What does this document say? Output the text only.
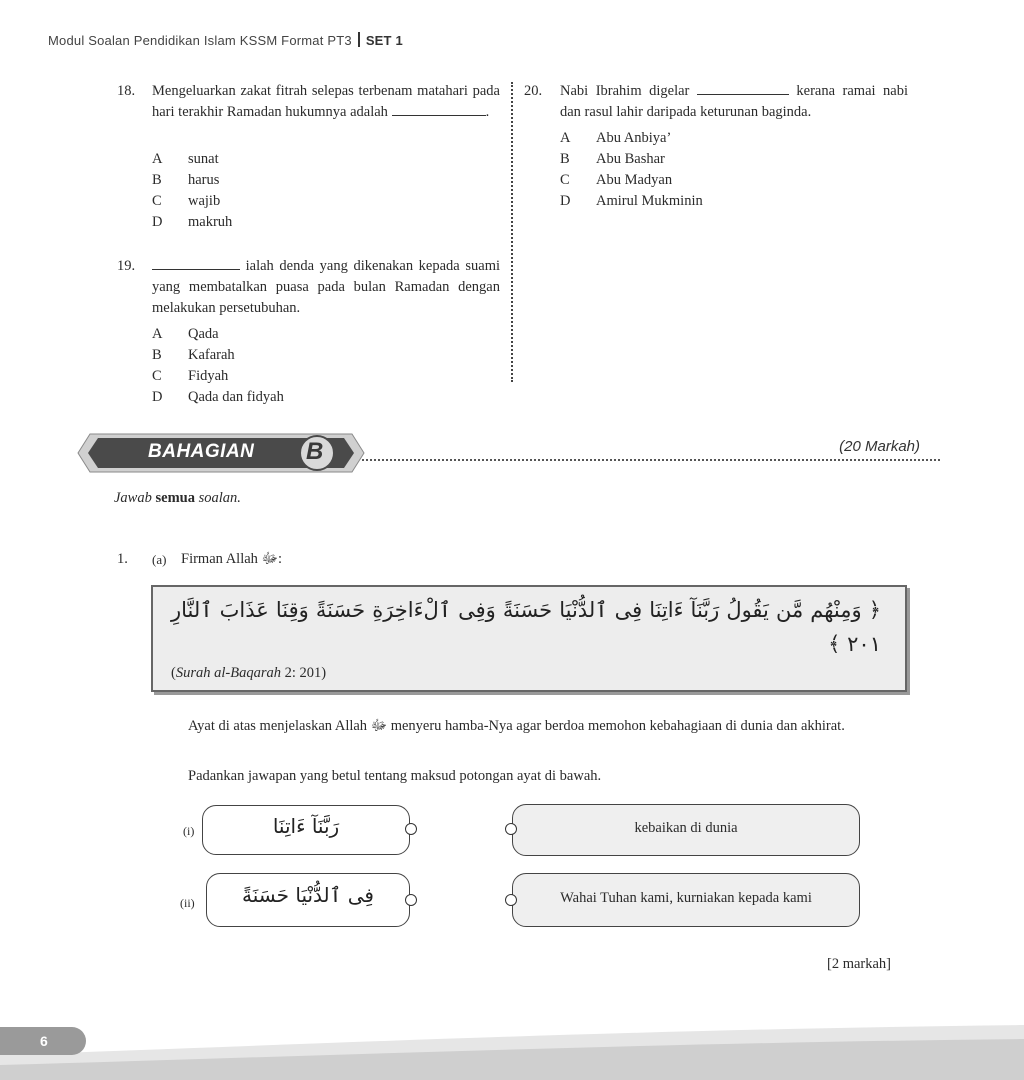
Modul Soalan Pendidikan Islam KSSM Format PT3 SET 1
18. Mengeluarkan zakat fitrah selepas terbenam matahari pada hari terakhir Ramadan hukumnya adalah	.
A sunat
B harus
C wajib
D makruh
19.	ialah denda yang dikenakan kepada suami yang membatalkan puasa pada bulan Ramadan dengan melakukan persetubuhan.
A Qada
B Kafarah
C Fidyah
D Qada dan fidyah
20. Nabi Ibrahim digelar	kerana ramai nabi dan rasul lahir daripada keturunan baginda.
A Abu Anbiya’
B Abu Bashar
C Abu Madyan
D Amirul Mukminin
BAHAGIAN B	(20 Markah)
Jawab semua soalan.
1. (a) Firman Allah ﷻ:
﴿ وَمِنْهُم مَّن يَقُولُ رَبَّنَآ ءَاتِنَا فِى ٱلدُّنْيَا حَسَنَةً وَفِى ٱلْءَاخِرَةِ حَسَنَةً وَقِنَا عَذَابَ ٱلنَّارِ ٢٠١ ﴾
(Surah al-Baqarah 2: 201)
Ayat di atas menjelaskan Allah ﷻ menyeru hamba-Nya agar berdoa memohon kebahagiaan di dunia dan akhirat.
Padankan jawapan yang betul tentang maksud potongan ayat di bawah.
(i)	رَبَّنَآ ءَاتِنَا
(ii)	فِى ٱلدُّنْيَا حَسَنَةً
kebaikan di dunia
Wahai Tuhan kami, kurniakan kepada kami
[2 markah]
6
